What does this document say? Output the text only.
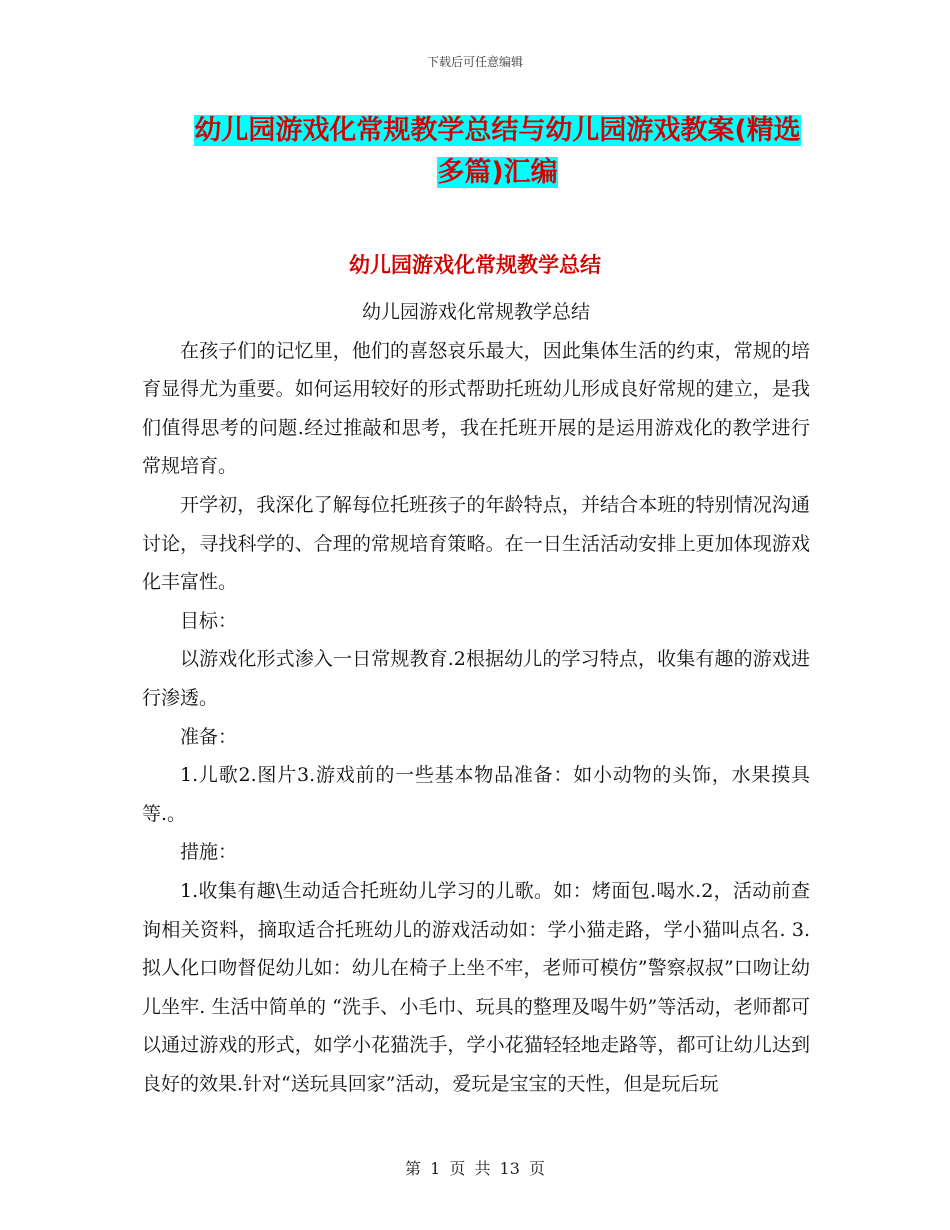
下载后可任意编辑
幼儿园游戏化常规教学总结与幼儿园游戏教案(精选多篇)汇编
幼儿园游戏化常规教学总结

幼儿园游戏化常规教学总结

在孩子们的记忆里，他们的喜怒哀乐最大，因此集体生活的约束，常规的培育显得尤为重要。如何运用较好的形式帮助托班幼儿形成良好常规的建立，是我们值得思考的问题.经过推敲和思考，我在托班开展的是运用游戏化的教学进行常规培育。

开学初，我深化了解每位托班孩子的年龄特点，并结合本班的特别情况沟通讨论，寻找科学的、合理的常规培育策略。在一日生活活动安排上更加体现游戏化丰富性。

目标：

以游戏化形式渗入一日常规教育.2根据幼儿的学习特点，收集有趣的游戏进行渗透。

准备：

1.儿歌2.图片3.游戏前的一些基本物品准备：如小动物的头饰，水果摸具等.。

措施：

1.收集有趣\生动适合托班幼儿学习的儿歌。如：烤面包.喝水.2，活动前查询相关资料，摘取适合托班幼儿的游戏活动如：学小猫走路，学小猫叫点名. 3.拟人化口吻督促幼儿如：幼儿在椅子上坐不牢，老师可模仿”警察叔叔”口吻让幼儿坐牢. 生活中简单的 “洗手、小毛巾、玩具的整理及喝牛奶”等活动，老师都可以通过游戏的形式，如学小花猫洗手，学小花猫轻轻地走路等，都可让幼儿达到良好的效果.针对“送玩具回家”活动，爱玩是宝宝的天性，但是玩后玩

第 1 页 共 13 页
